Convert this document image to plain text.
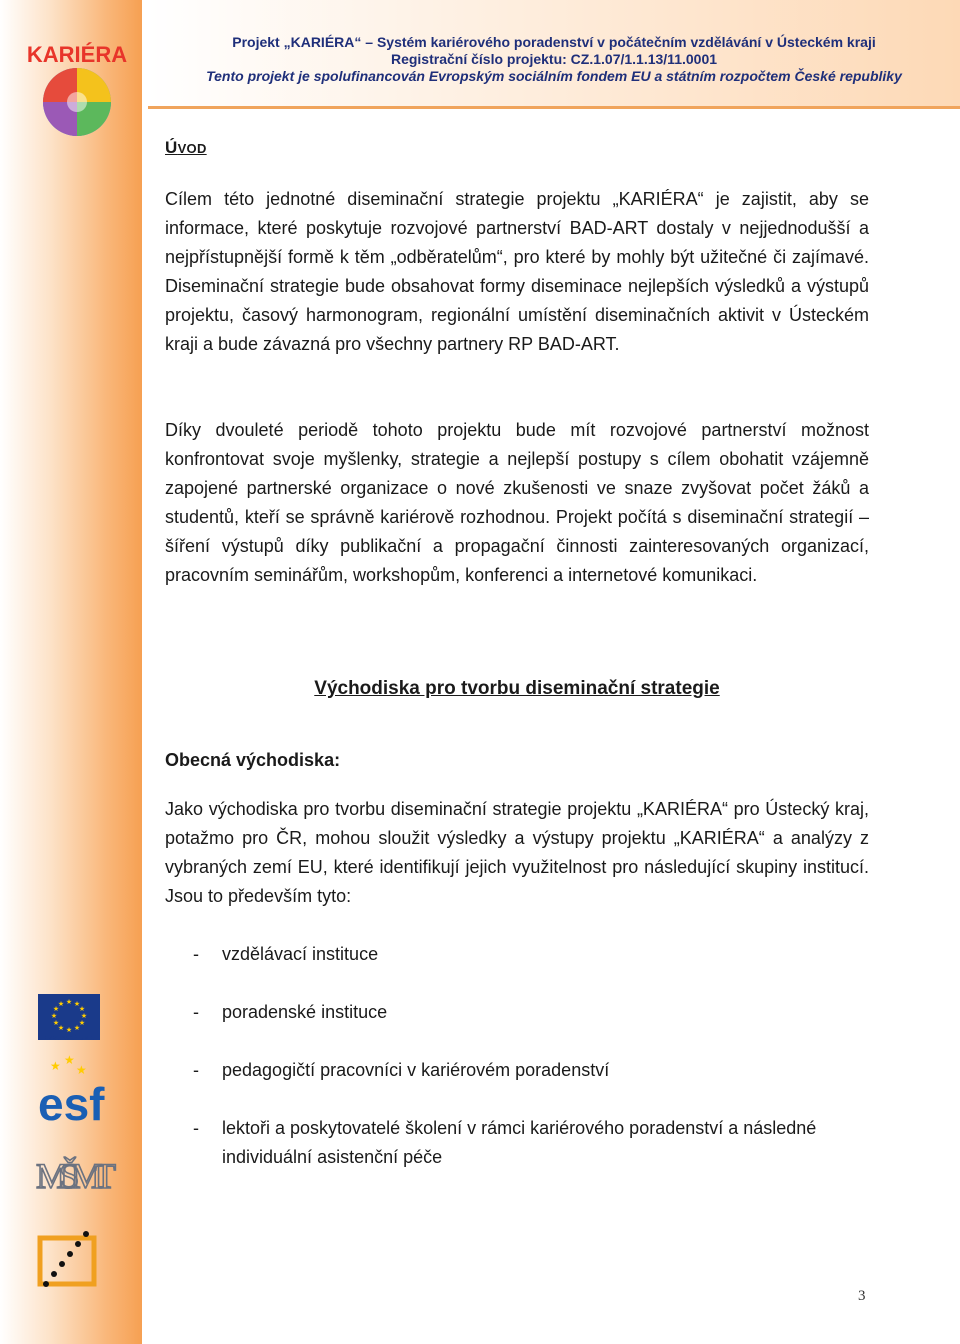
KARIÉRA	Projekt „KARIÉRA“ – Systém kariérového poradenství v počátečním vzdělávání v Ústeckém kraji
Registrační číslo projektu: CZ.1.07/1.1.13/11.0001
Tento projekt je spolufinancován Evropským sociálním fondem EU a státním rozpočtem České republiky
ÚVOD

Cílem této jednotné diseminační strategie projektu „KARIÉRA“ je zajistit, aby se informace, které poskytuje rozvojové partnerství BAD-ART dostaly v nejjednodušší a nejpřístupnější formě k těm „odběratelům“, pro které by mohly být užitečné či zajímavé. Diseminační strategie bude obsahovat formy diseminace nejlepších výsledků a výstupů projektu, časový harmonogram, regionální umístění diseminačních aktivit v Ústeckém kraji a bude závazná pro všechny partnery RP BAD-ART.

Díky dvouleté periodě tohoto projektu bude mít rozvojové partnerství možnost konfrontovat svoje myšlenky, strategie a nejlepší postupy s cílem obohatit vzájemně zapojené partnerské organizace o nové zkušenosti ve snaze zvyšovat počet žáků a studentů, kteří se správně kariérově rozhodnou. Projekt počítá s diseminační strategií – šíření výstupů díky publikační a propagační činnosti zainteresovaných organizací, pracovním seminářům, workshopům, konferenci a internetové komunikaci.

Východiska pro tvorbu diseminační strategie
Obecná východiska:

Jako východiska pro tvorbu diseminační strategie projektu „KARIÉRA“ pro Ústecký kraj, potažmo pro ČR, mohou sloužit výsledky a výstupy projektu „KARIÉRA“ a analýzy z vybraných zemí EU, které identifikují jejich využitelnost pro následující skupiny institucí. Jsou to především tyto:

- vzdělávací instituce
- poradenské instituce
- pedagogičtí pracovníci v kariérovém poradenství
- lektoři a poskytovatelé školení v rámci kariérového poradenství a následné individuální asistenční péče
★ ★
★
★
★
★
★
★
★
★
★
★
EVROPSKÁ UNIE
★ ★
★
esf
MŠMT
3
